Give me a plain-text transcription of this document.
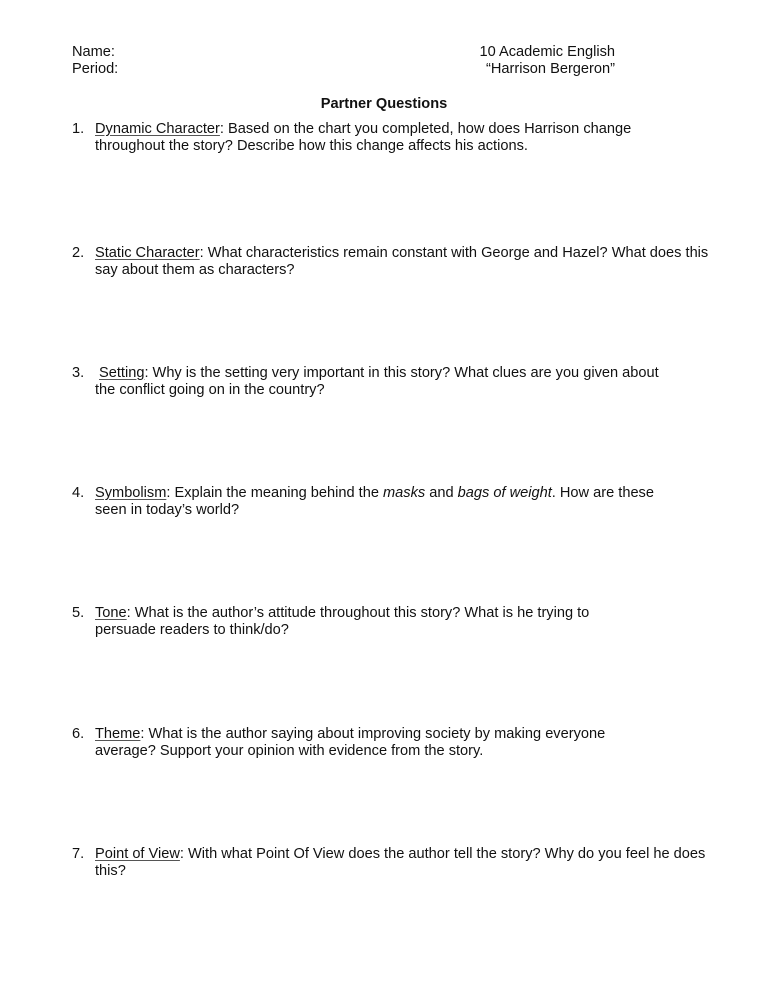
Name:
Period:
10 Academic English
“Harrison Bergeron”
Partner Questions
1. Dynamic Character: Based on the chart you completed, how does Harrison change throughout the story? Describe how this change affects his actions.
2. Static Character: What characteristics remain constant with George and Hazel? What does this say about them as characters?
3. Setting: Why is the setting very important in this story? What clues are you given about the conflict going on in the country?
4. Symbolism: Explain the meaning behind the masks and bags of weight. How are these seen in today’s world?
5. Tone: What is the author’s attitude throughout this story? What is he trying to persuade readers to think/do?
6. Theme: What is the author saying about improving society by making everyone average? Support your opinion with evidence from the story.
7. Point of View: With what Point Of View does the author tell the story? Why do you feel he does this?
